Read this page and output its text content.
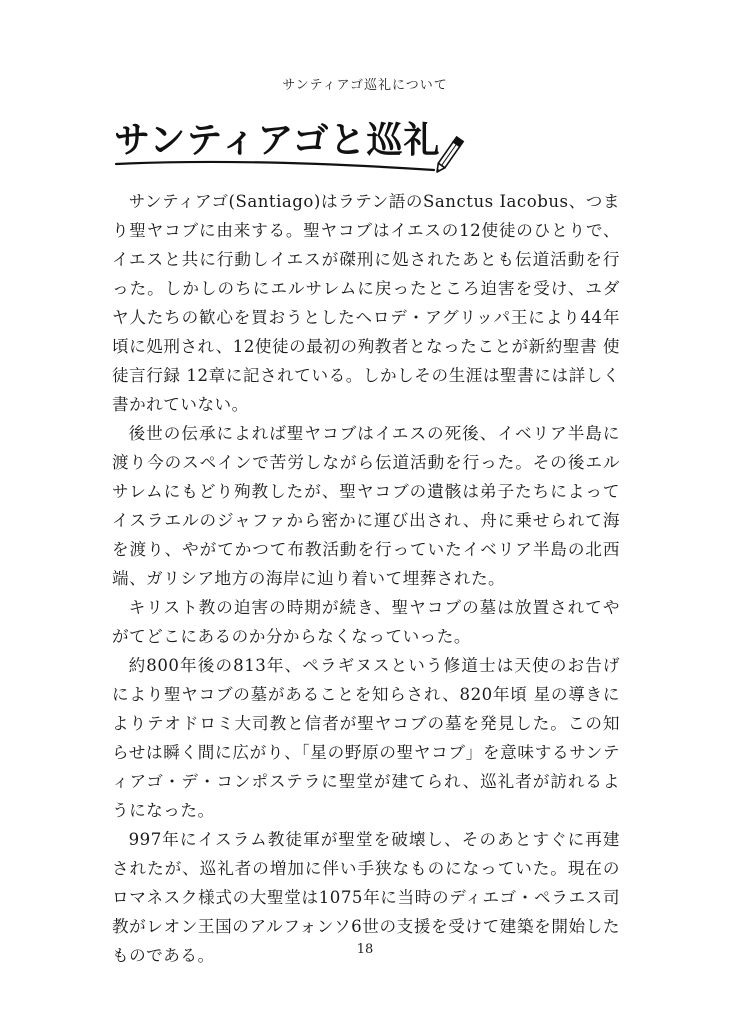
サンティアゴ巡礼について
サンティアゴと巡礼

サンティアゴ(Santiago)はラテン語のSanctus Iacobus、つまり聖ヤコブに由来する。聖ヤコブはイエスの12使徒のひとりで、イエスと共に行動しイエスが磔刑に処されたあとも伝道活動を行った。しかしのちにエルサレムに戻ったところ迫害を受け、ユダヤ人たちの歓心を買おうとしたヘロデ・アグリッパ王により44年頃に処刑され、12使徒の最初の殉教者となったことが新約聖書 使徒言行録 12章に記されている。しかしその生涯は聖書には詳しく書かれていない。

後世の伝承によれば聖ヤコブはイエスの死後、イベリア半島に渡り今のスペインで苦労しながら伝道活動を行った。その後エルサレムにもどり殉教したが、聖ヤコブの遺骸は弟子たちによってイスラエルのジャファから密かに運び出され、舟に乗せられて海を渡り、やがてかつて布教活動を行っていたイベリア半島の北西端、ガリシア地方の海岸に辿り着いて埋葬された。

キリスト教の迫害の時期が続き、聖ヤコブの墓は放置されてやがてどこにあるのか分からなくなっていった。

約800年後の813年、ペラギヌスという修道士は天使のお告げにより聖ヤコブの墓があることを知らされ、820年頃 星の導きによりテオドロミ大司教と信者が聖ヤコブの墓を発見した。この知らせは瞬く間に広がり、「星の野原の聖ヤコブ」を意味するサンティアゴ・デ・コンポステラに聖堂が建てられ、巡礼者が訪れるようになった。

997年にイスラム教徒軍が聖堂を破壊し、そのあとすぐに再建されたが、巡礼者の増加に伴い手狭なものになっていた。現在のロマネスク様式の大聖堂は1075年に当時のディエゴ・ペラエス司教がレオン王国のアルフォンソ6世の支援を受けて建築を開始したものである。	18
